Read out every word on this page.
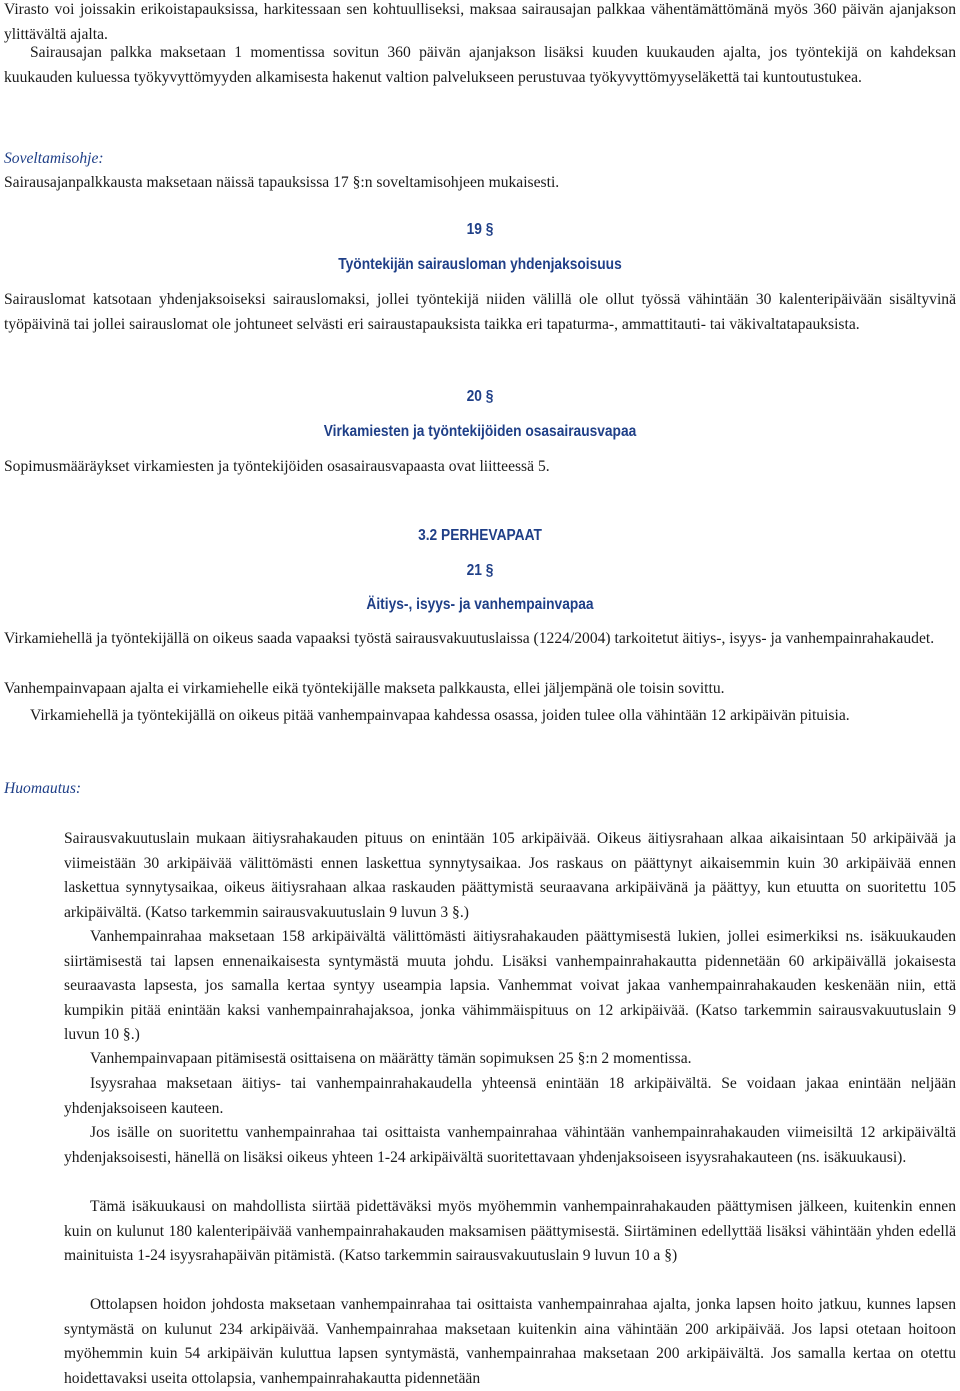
Virasto voi joissakin erikoistapauksissa, harkitessaan sen kohtuulliseksi, maksaa sairausajan palkkaa vähentämättömänä myös 360 päivän ajanjakson ylittävältä ajalta.

Sairausajan palkka maksetaan 1 momentissa sovitun 360 päivän ajanjakson lisäksi kuuden kuukauden ajalta, jos työntekijä on kahdeksan kuukauden kuluessa työkyvyttömyyden alkamisesta hakenut valtion palvelukseen perustuvaa työkyvyttömyyseläkettä tai kuntoutustukea.

Soveltamisohje:

Sairausajanpalkkausta maksetaan näissä tapauksissa 17 §:n soveltamisohjeen mukaisesti.

19 §
Työntekijän sairausloman yhdenjaksoisuus

Sairauslomat katsotaan yhdenjaksoiseksi sairauslomaksi, jollei työntekijä niiden välillä ole ollut työssä vähintään 30 kalenteripäivään sisältyvinä työpäivinä tai jollei sairauslomat ole johtuneet selvästi eri sairaustapauksista taikka eri tapaturma-, ammattitauti- tai väkivaltatapauksista.

20 §
Virkamiesten ja työntekijöiden osasairausvapaa

Sopimusmääräykset virkamiesten ja työntekijöiden osasairausvapaasta ovat liitteessä 5.

3.2 PERHEVAPAAT
21 §
Äitiys-, isyys- ja vanhempainvapaa

Virkamiehellä ja työntekijällä on oikeus saada vapaaksi työstä sairausvakuutuslaissa (1224/2004) tarkoitetut äitiys-, isyys- ja vanhempainrahakaudet.

Vanhempainvapaan ajalta ei virkamiehelle eikä työntekijälle makseta palkkausta, ellei jäljempänä ole toisin sovittu.

Virkamiehellä ja työntekijällä on oikeus pitää vanhempainvapaa kahdessa osassa, joiden tulee olla vähintään 12 arkipäivän pituisia.

Huomautus:

Sairausvakuutuslain mukaan äitiysrahakauden pituus on enintään 105 arkipäivää. Oikeus äitiysrahaan alkaa aikaisintaan 50 arkipäivää ja viimeistään 30 arkipäivää välittömästi ennen laskettua synnytysaikaa. Jos raskaus on päättynyt aikaisemmin kuin 30 arkipäivää ennen laskettua synnytysaikaa, oikeus äitiysrahaan alkaa raskauden päättymistä seuraavana arkipäivänä ja päättyy, kun etuutta on suoritettu 105 arkipäivältä. (Katso tarkemmin sairausvakuutuslain 9 luvun 3 §.)

Vanhempainrahaa maksetaan 158 arkipäivältä välittömästi äitiysrahakauden päättymisestä lukien, jollei esimerkiksi ns. isäkuukauden siirtämisestä tai lapsen ennenaikaisesta syntymästä muuta johdu. Lisäksi vanhempainrahakautta pidennetään 60 arkipäivällä jokaisesta seuraavasta lapsesta, jos samalla kertaa syntyy useampia lapsia. Vanhemmat voivat jakaa vanhempainrahakauden keskenään niin, että kumpikin pitää enintään kaksi vanhempainrahajaksoa, jonka vähimmäispituus on 12 arkipäivää. (Katso tarkemmin sairausvakuutuslain 9 luvun 10 §.)

Vanhempainvapaan pitämisestä osittaisena on määrätty tämän sopimuksen 25 §:n 2 momentissa.

Isyysrahaa maksetaan äitiys- tai vanhempainrahakaudella yhteensä enintään 18 arkipäivältä. Se voidaan jakaa enintään neljään yhdenjaksoiseen kauteen.

Jos isälle on suoritettu vanhempainrahaa tai osittaista vanhempainrahaa vähintään vanhempainrahakauden viimeisiltä 12 arkipäivältä yhdenjaksoisesti, hänellä on lisäksi oikeus yhteen 1-24 arkipäivältä suoritettavaan yhdenjaksoiseen isyysrahakauteen (ns. isäkuukausi).

Tämä isäkuukausi on mahdollista siirtää pidettäväksi myös myöhemmin vanhempainrahakauden päättymisen jälkeen, kuitenkin ennen kuin on kulunut 180 kalenteripäivää vanhempainrahakauden maksamisen päättymisestä. Siirtäminen edellyttää lisäksi vähintään yhden edellä mainituista 1-24 isyysrahapäivän pitämistä. (Katso tarkemmin sairausvakuutuslain 9 luvun 10 a §)

Ottolapsen hoidon johdosta maksetaan vanhempainrahaa tai osittaista vanhempainrahaa ajalta, jonka lapsen hoito jatkuu, kunnes lapsen syntymästä on kulunut 234 arkipäivää. Vanhempainrahaa maksetaan kuitenkin aina vähintään 200 arkipäivää. Jos lapsi otetaan hoitoon myöhemmin kuin 54 arkipäivän kuluttua lapsen syntymästä, vanhempainrahaa maksetaan 200 arkipäivältä. Jos samalla kertaa on otettu hoidettavaksi useita ottolapsia, vanhempainrahakautta pidennetään
